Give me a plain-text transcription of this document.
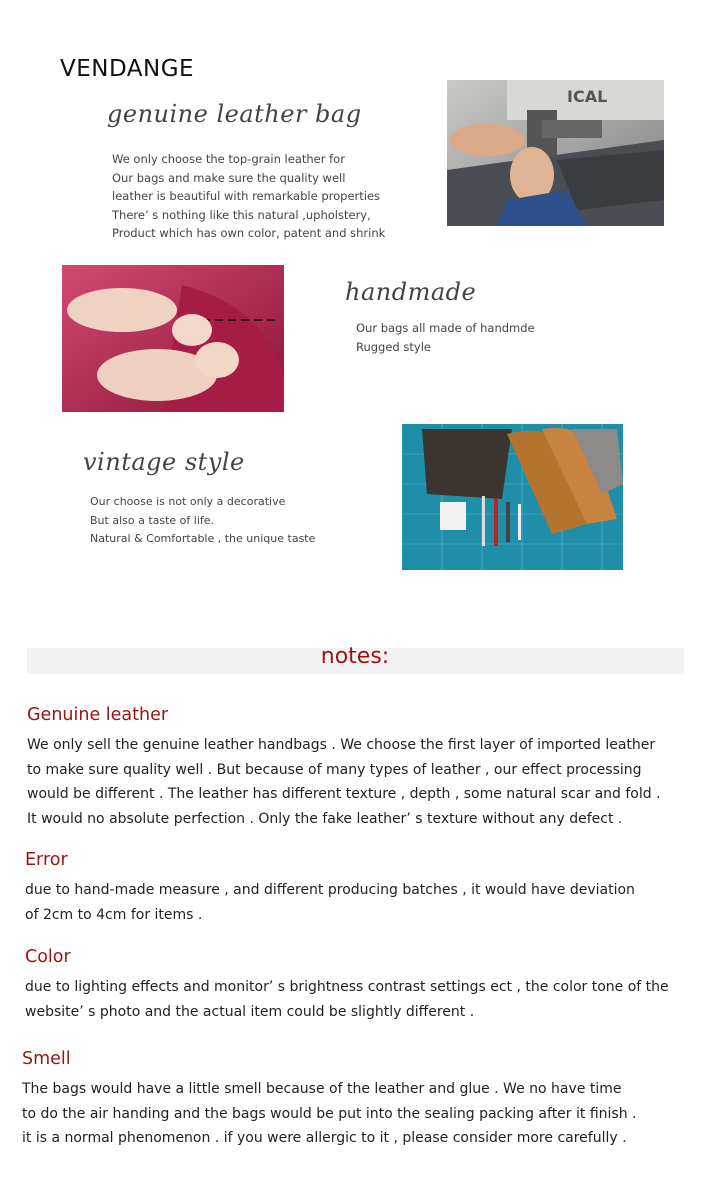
VENDANGE
genuine leather bag
We only choose the top-grain leather for
Our bags and make sure the quality well
leather is beautiful with remarkable properties
There’ s nothing like this natural ,upholstery,
Product which has own color, patent and shrink
ICAL
handmade
Our bags all made of handmde
Rugged style
vintage style
Our choose is not only a decorative
But also a taste of life.
Natural & Comfortable , the unique taste
notes:
Genuine leather
We only sell the genuine leather handbags . We choose the first layer of imported leather
to make sure quality well . But because of many types of leather , our effect processing
would be different . The leather has different texture , depth , some natural scar and fold .
It would no absolute perfection . Only the fake leather’ s texture without any defect .
Error
due to hand-made measure , and different producing batches , it would have deviation
of 2cm to 4cm for items .
Color
due to lighting effects and monitor’ s brightness contrast settings ect , the color tone of the
website’ s photo and the actual item could be slightly different .
Smell
The bags would have a little smell because of the leather and glue . We no have time
to do the air handing and the bags would be put into the sealing packing after it finish .
it is a normal phenomenon . if you were allergic to it , please consider more carefully .
